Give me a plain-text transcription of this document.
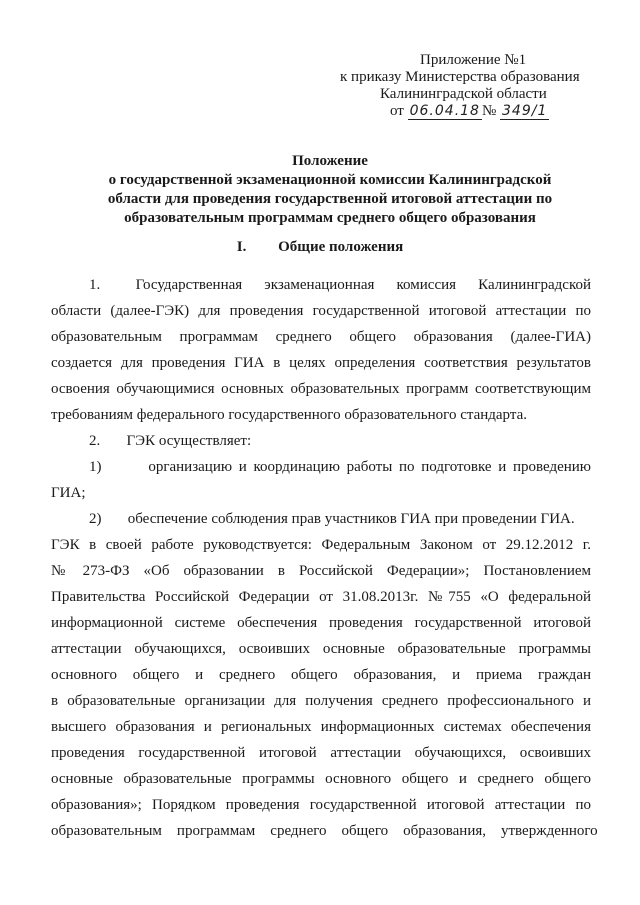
Приложение №1
к приказу Министерства образования
Калининградской области
от 06.04.18 № 349/1
Положение
о государственной экзаменационной комиссии Калининградской
области для проведения государственной итоговой аттестации по
образовательным программам среднего общего образования
I. Общие положения
1.        Государственная     экзаменационная     комиссия     Калининградской
области (далее-ГЭК) для проведения государственной итоговой аттестации по
образовательным    программам    среднего    общего    образования    (далее-ГИА)
создается для проведения ГИА в целях определения соответствия результатов
освоения обучающимися основных образовательных программ соответствующим
требованиям федерального государственного образовательного стандарта.
2.       ГЭК осуществляет:
1)       организацию и координацию работы по подготовке и проведению
ГИА;
2)       обеспечение соблюдения прав участников ГИА при проведении ГИА.
ГЭК в своей работе руководствуется: Федеральным Законом от 29.12.2012 г.
№  273-ФЗ  «Об  образовании  в  Российской  Федерации»;  Постановлением
Правительства Российской Федерации от 31.08.2013г. №755 «О федеральной
информационной системе обеспечения проведения государственной итоговой
аттестации обучающихся, освоивших основные образовательные программы
основного    общего    и    среднего    общего    образования,    и    приема    граждан
в образовательные организации для получения среднего профессионального и
высшего образования и региональных информационных системах обеспечения
проведения государственной итоговой аттестации обучающихся, освоивших
основные образовательные программы основного общего и среднего общего
образования»; Порядком проведения государственной итоговой аттестации по
образовательным    программам    среднего    общего    образования,    утвержденного
